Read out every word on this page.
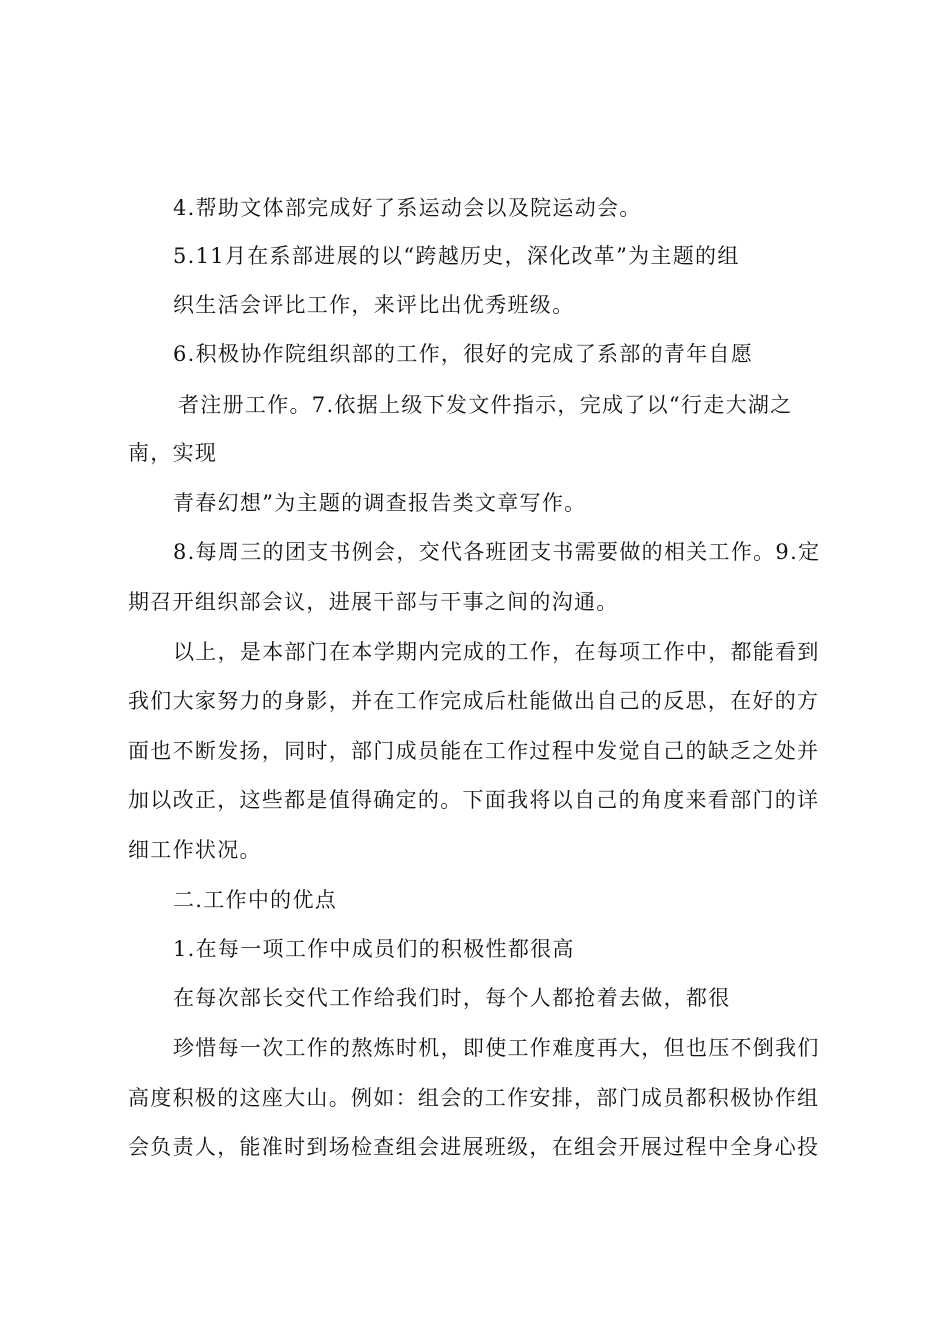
4.帮助文体部完成好了系运动会以及院运动会。
5.11月在系部进展的以“跨越历史，深化改革”为主题的组
织生活会评比工作，来评比出优秀班级。
6.积极协作院组织部的工作，很好的完成了系部的青年自愿
者注册工作。7.依据上级下发文件指示，完成了以“行走大湖之
南，实现
青春幻想”为主题的调查报告类文章写作。
8.每周三的团支书例会，交代各班团支书需要做的相关工作。9.定
期召开组织部会议，进展干部与干事之间的沟通。
以上，是本部门在本学期内完成的工作，在每项工作中，都能看到
我们大家努力的身影，并在工作完成后杜能做出自己的反思，在好的方
面也不断发扬，同时，部门成员能在工作过程中发觉自己的缺乏之处并
加以改正，这些都是值得确定的。下面我将以自己的角度来看部门的详
细工作状况。
二.工作中的优点
1.在每一项工作中成员们的积极性都很高
在每次部长交代工作给我们时，每个人都抢着去做，都很
珍惜每一次工作的熬炼时机，即使工作难度再大，但也压不倒我们
高度积极的这座大山。例如：组会的工作安排，部门成员都积极协作组
会负责人，能准时到场检查组会进展班级，在组会开展过程中全身心投
